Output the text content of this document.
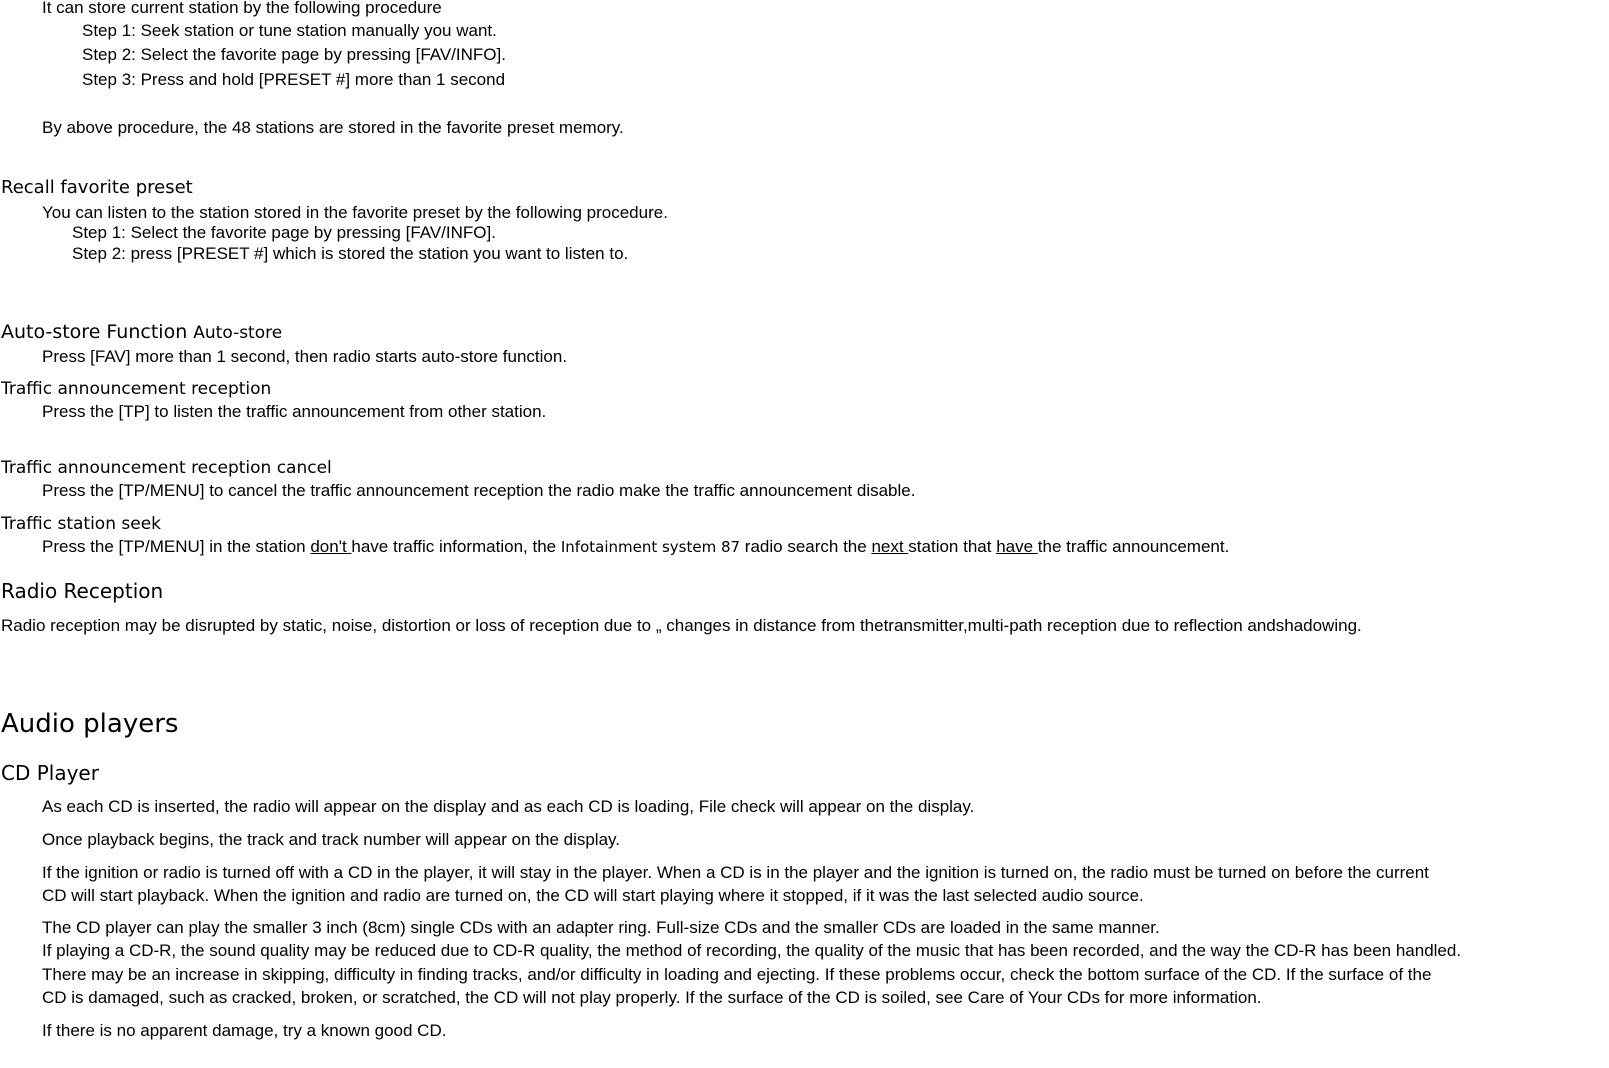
It can store current station by the following procedure

Step 1: Seek station or tune station manually you want.

Step 2: Select the favorite page by pressing [FAV/INFO].

Step 3: Press and hold [PRESET #] more than 1 second

By above procedure, the 48 stations are stored in the favorite preset memory.

Recall favorite preset

You can listen to the station stored in the favorite preset by the following procedure.

Step 1: Select the favorite page by pressing [FAV/INFO].

Step 2: press [PRESET #] which is stored the station you want to listen to.

Auto-store Function Auto-store

Press [FAV] more than 1 second, then radio starts auto-store function.

Traffic announcement reception

Press the [TP] to listen the traffic announcement from other station.

Traffic announcement reception cancel

Press the [TP/MENU] to cancel the traffic announcement reception the radio make the traffic announcement disable.

Traffic station seek

Press the [TP/MENU] in the station don't have traffic information, the Infotainment system 87 radio search the next station that have the traffic announcement.

Radio Reception

Radio reception may be disrupted by static, noise, distortion or loss of reception due to „ changes in distance from thetransmitter,multi-path reception due to reflection andshadowing.

Audio players
CD Player

As each CD is inserted, the radio will appear on the display and as each CD is loading, File check will appear on the display.

Once playback begins, the track and track number will appear on the display.

If the ignition or radio is turned off with a CD in the player, it will stay in the player. When a CD is in the player and the ignition is turned on, the radio must be turned on before the current

CD will start playback. When the ignition and radio are turned on, the CD will start playing where it stopped, if it was the last selected audio source.

The CD player can play the smaller 3 inch (8cm) single CDs with an adapter ring. Full-size CDs and the smaller CDs are loaded in the same manner.

If playing a CD-R, the sound quality may be reduced due to CD-R quality, the method of recording, the quality of the music that has been recorded, and the way the CD-R has been handled.

There may be an increase in skipping, difficulty in finding tracks, and/or difficulty in loading and ejecting. If these problems occur, check the bottom surface of the CD. If the surface of the

CD is damaged, such as cracked, broken, or scratched, the CD will not play properly. If the surface of the CD is soiled, see Care of Your CDs for more information.

If there is no apparent damage, try a known good CD.
